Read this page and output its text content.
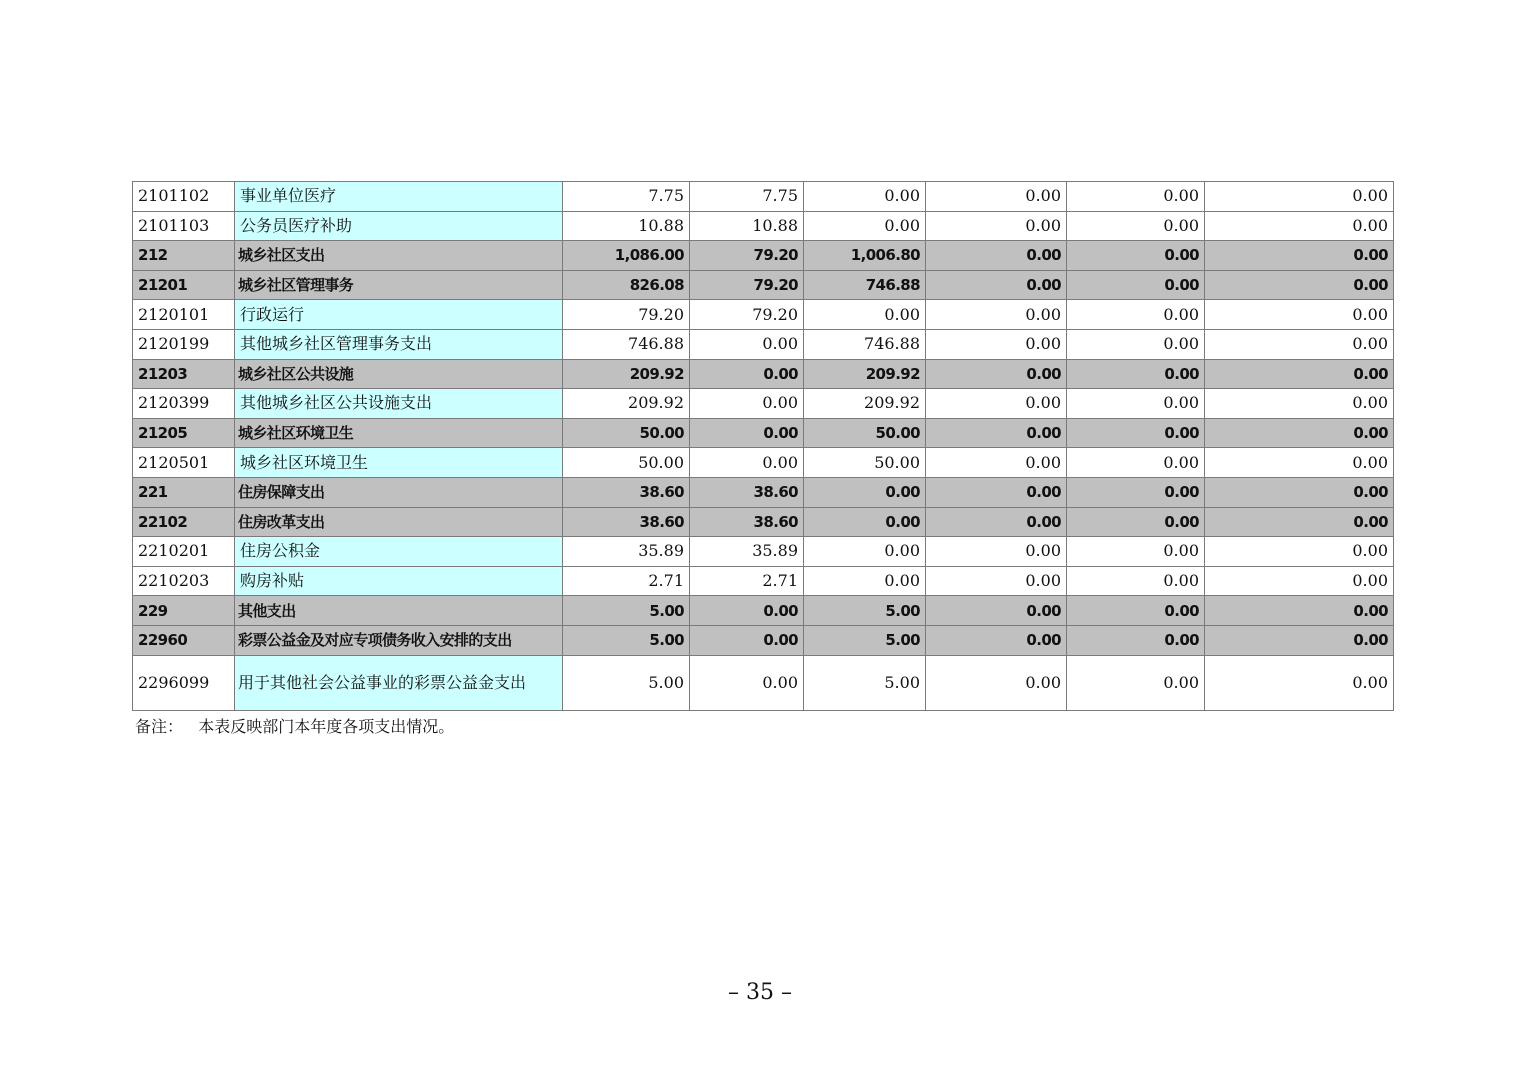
2101102	事业单位医疗	7.75	7.75	0.00	0.00	0.00	0.00
2101103	公务员医疗补助	10.88	10.88	0.00	0.00	0.00	0.00
212	城乡社区支出	1,086.00	79.20	1,006.80	0.00	0.00	0.00
21201	城乡社区管理事务	826.08	79.20	746.88	0.00	0.00	0.00
2120101	行政运行	79.20	79.20	0.00	0.00	0.00	0.00
2120199	其他城乡社区管理事务支出	746.88	0.00	746.88	0.00	0.00	0.00
21203	城乡社区公共设施	209.92	0.00	209.92	0.00	0.00	0.00
2120399	其他城乡社区公共设施支出	209.92	0.00	209.92	0.00	0.00	0.00
21205	城乡社区环境卫生	50.00	0.00	50.00	0.00	0.00	0.00
2120501	城乡社区环境卫生	50.00	0.00	50.00	0.00	0.00	0.00
221	住房保障支出	38.60	38.60	0.00	0.00	0.00	0.00
22102	住房改革支出	38.60	38.60	0.00	0.00	0.00	0.00
2210201	住房公积金	35.89	35.89	0.00	0.00	0.00	0.00
2210203	购房补贴	2.71	2.71	0.00	0.00	0.00	0.00
229	其他支出	5.00	0.00	5.00	0.00	0.00	0.00
22960	彩票公益金及对应专项债务收入安排的支出	5.00	0.00	5.00	0.00	0.00	0.00
2296099	用于其他社会公益事业的彩票公益金支出	5.00	0.00	5.00	0.00	0.00	0.00
备注：   本表反映部门本年度各项支出情况。
– 35 –
